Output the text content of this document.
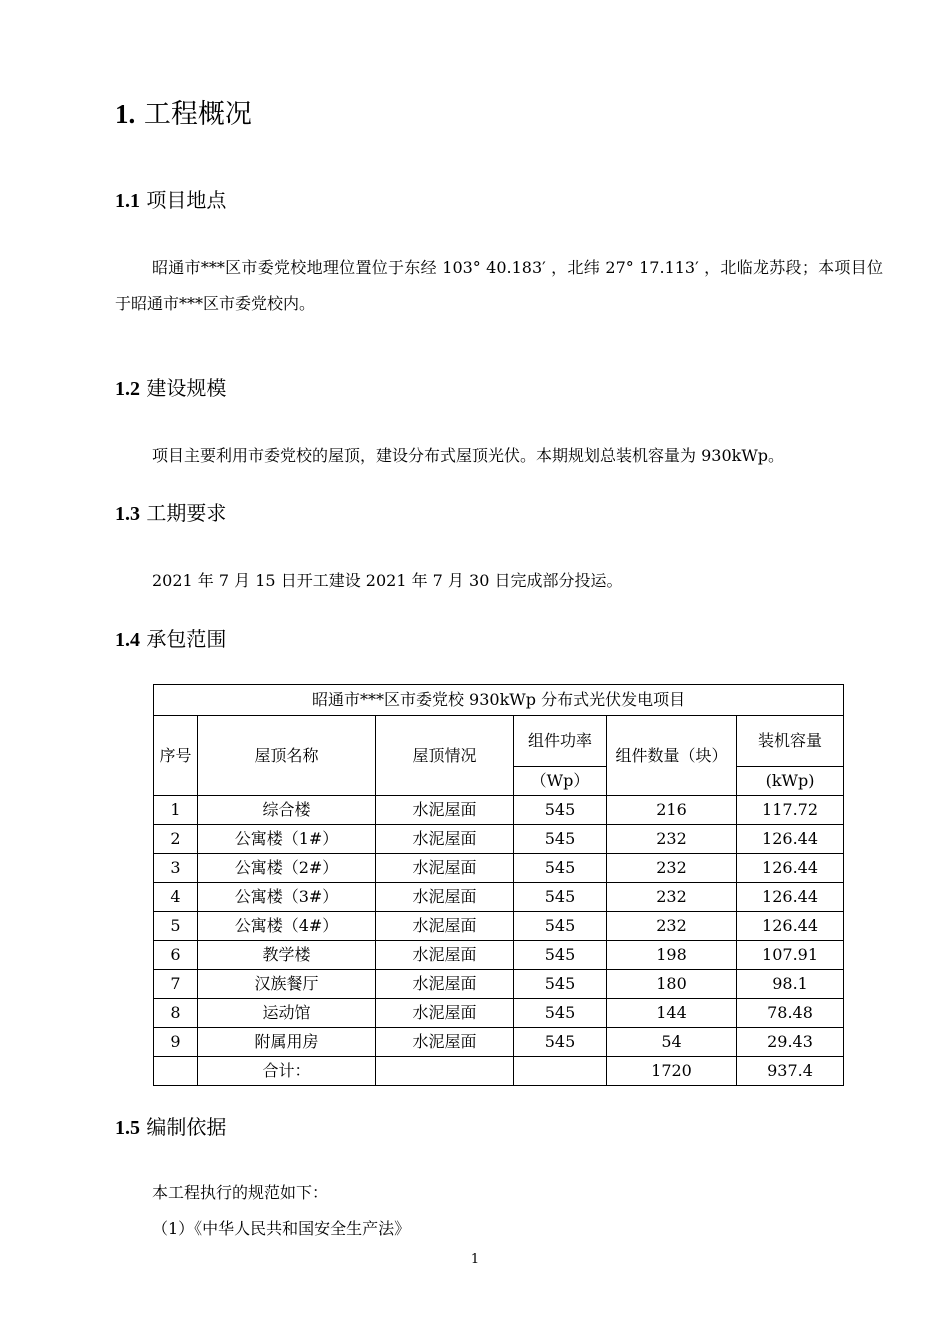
1. 工程概况
1.1 项目地点
昭通市***区市委党校地理位置位于东经 103° 40.183′ ，北纬 27° 17.113′ ，北临龙苏段；本项目位于昭通市***区市委党校内。
1.2 建设规模
项目主要利用市委党校的屋顶，建设分布式屋顶光伏。本期规划总装机容量为 930kWp。
1.3 工期要求
2021 年 7 月 15 日开工建设 2021 年 7 月 30 日完成部分投运。
1.4 承包范围
昭通市***区市委党校 930kWp 分布式光伏发电项目					
序号	屋顶名称	屋顶情况	组件功率	组件数量（块）	装机容量
			（Wp）		(kWp)
1	综合楼	水泥屋面	545	216	117.72
2	公寓楼（1#）	水泥屋面	545	232	126.44
3	公寓楼（2#）	水泥屋面	545	232	126.44
4	公寓楼（3#）	水泥屋面	545	232	126.44
5	公寓楼（4#）	水泥屋面	545	232	126.44
6	教学楼	水泥屋面	545	198	107.91
7	汉族餐厅	水泥屋面	545	180	98.1
8	运动馆	水泥屋面	545	144	78.48
9	附属用房	水泥屋面	545	54	29.43
	合计：			1720	937.4
1.5 编制依据
本工程执行的规范如下：
（1）《中华人民共和国安全生产法》
1
